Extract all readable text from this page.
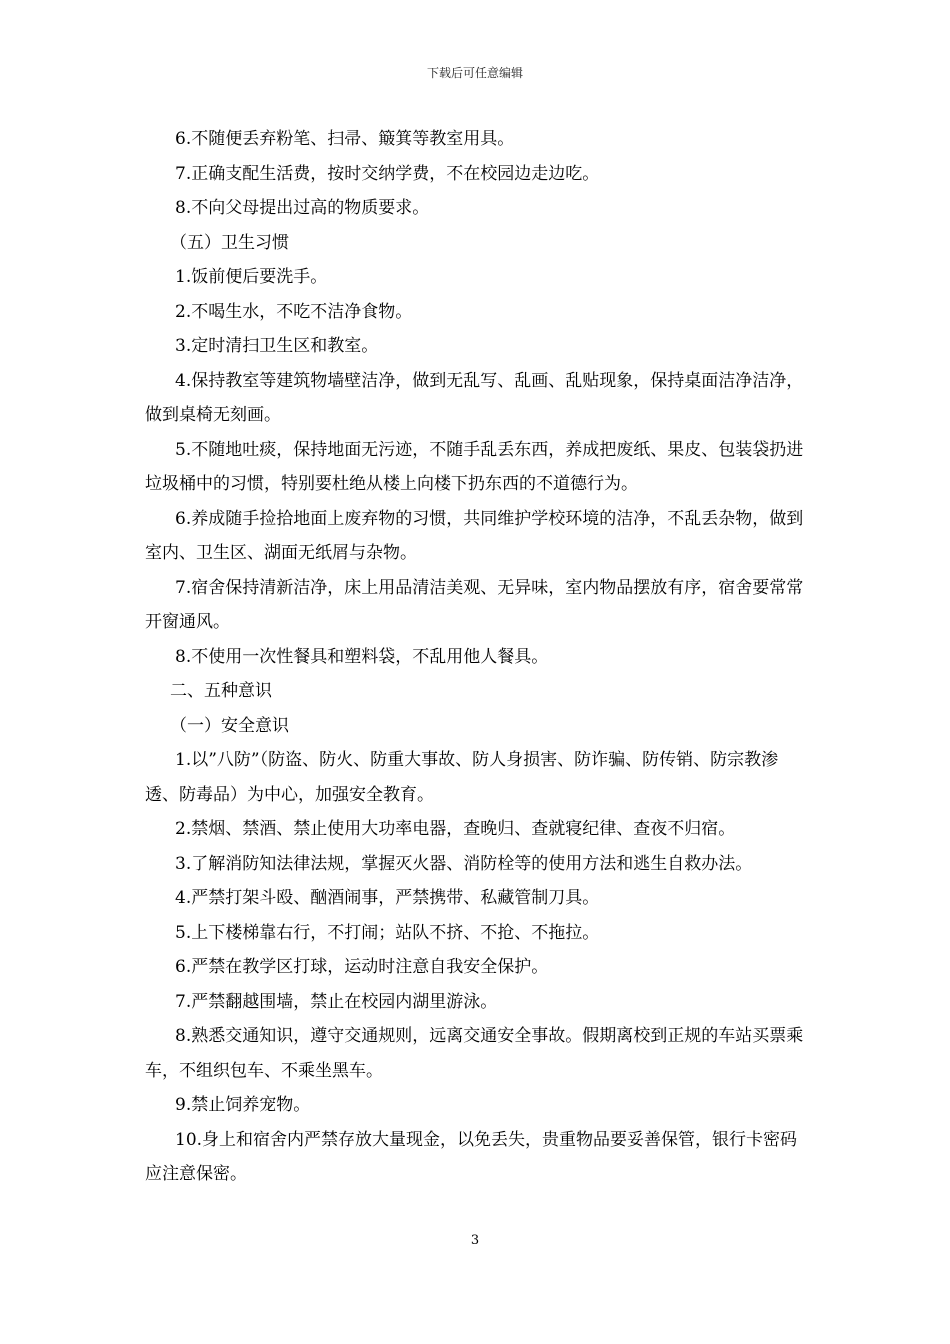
下载后可任意编辑
6.不随便丢弃粉笔、扫帚、簸箕等教室用具。
7.正确支配生活费，按时交纳学费，不在校园边走边吃。
8.不向父母提出过高的物质要求。
（五）卫生习惯
1.饭前便后要洗手。
2.不喝生水，不吃不洁净食物。
3.定时清扫卫生区和教室。
4.保持教室等建筑物墙壁洁净，做到无乱写、乱画、乱贴现象，保持桌面洁净洁净，做到桌椅无刻画。
5.不随地吐痰，保持地面无污迹，不随手乱丢东西，养成把废纸、果皮、包装袋扔进垃圾桶中的习惯，特别要杜绝从楼上向楼下扔东西的不道德行为。
6.养成随手捡拾地面上废弃物的习惯，共同维护学校环境的洁净，不乱丢杂物，做到室内、卫生区、湖面无纸屑与杂物。
7.宿舍保持清新洁净，床上用品清洁美观、无异味，室内物品摆放有序，宿舍要常常开窗通风。
8.不使用一次性餐具和塑料袋，不乱用他人餐具。
二、五种意识
（一）安全意识
1.以”八防”（防盗、防火、防重大事故、防人身损害、防诈骗、防传销、防宗教渗透、防毒品）为中心，加强安全教育。
2.禁烟、禁酒、禁止使用大功率电器，查晚归、查就寝纪律、查夜不归宿。
3.了解消防知法律法规，掌握灭火器、消防栓等的使用方法和逃生自救办法。
4.严禁打架斗殴、酗酒闹事，严禁携带、私藏管制刀具。
5.上下楼梯靠右行，不打闹；站队不挤、不抢、不拖拉。
6.严禁在教学区打球，运动时注意自我安全保护。
7.严禁翻越围墙，禁止在校园内湖里游泳。
8.熟悉交通知识，遵守交通规则，远离交通安全事故。假期离校到正规的车站买票乘车，不组织包车、不乘坐黑车。
9.禁止饲养宠物。
10.身上和宿舍内严禁存放大量现金，以免丢失，贵重物品要妥善保管，银行卡密码应注意保密。
3
